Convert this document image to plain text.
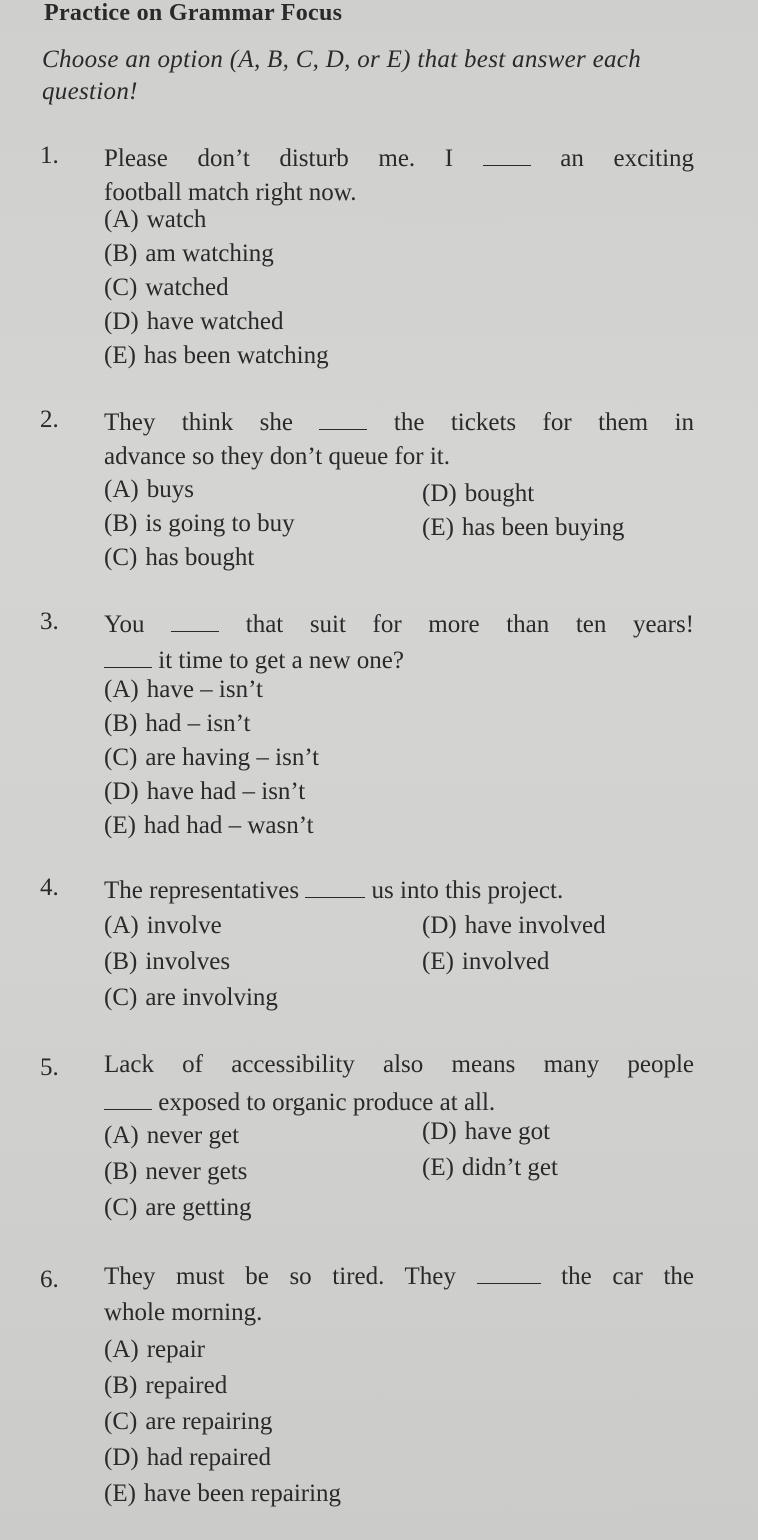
Practice on Grammar Focus
Choose an option (A, B, C, D, or E) that best answer each question!
1. Please don’t disturb me. I	an exciting
football match right now.
(A) watch
(B) am watching
(C) watched
(D) have watched
(E) has been watching
2. They think she	the tickets for them in
advance so they don’t queue for it.
(A) buys
(B) is going to buy
(C) has bought
(D) bought
(E) has been buying
3. You	that suit for more than ten years!
it time to get a new one?
(A) have – isn’t
(B) had – isn’t
(C) are having – isn’t
(D) have had – isn’t
(E) had had – wasn’t
4. The representatives	us into this project.
(A) involve
(B) involves
(C) are involving
(D) have involved
(E) involved
5. Lack of accessibility also means many people
exposed to organic produce at all.
(A) never get
(B) never gets
(C) are getting
(D) have got
(E) didn’t get
6. They must be so tired. They	the car the
whole morning.
(A) repair
(B) repaired
(C) are repairing
(D) had repaired
(E) have been repairing
